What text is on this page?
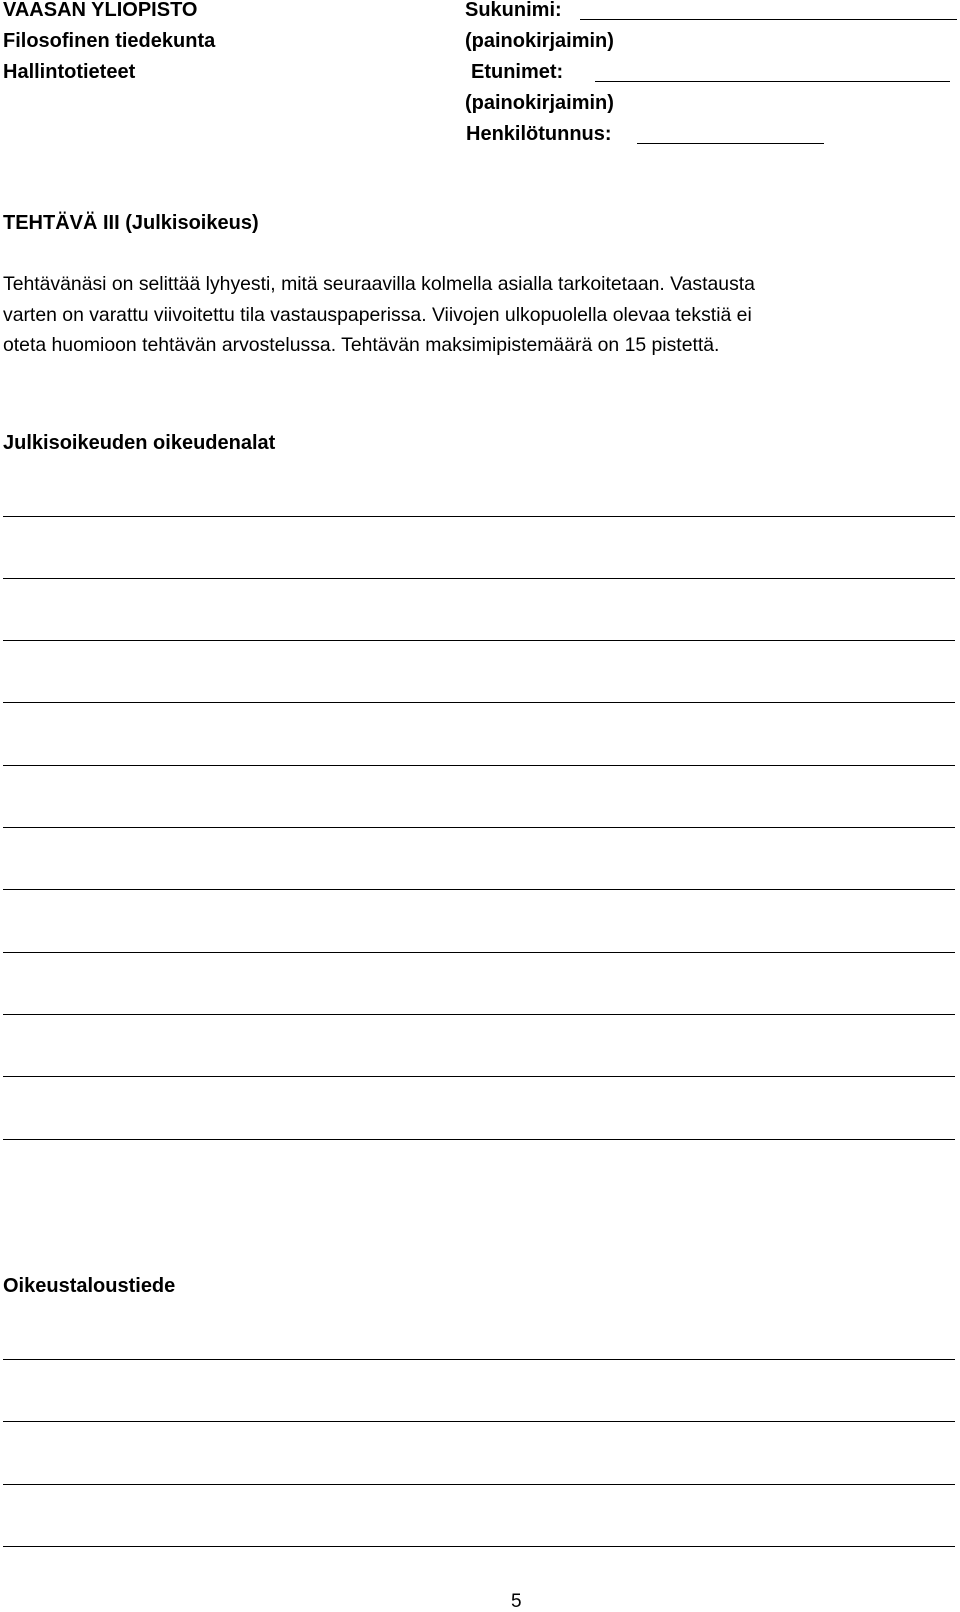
VAASAN YLIOPISTO
Filosofinen tiedekunta
Hallintotieteet
Sukunimi:
(painokirjaimin)
Etunimet:
(painokirjaimin)
Henkilötunnus:
TEHTÄVÄ III (Julkisoikeus)
Tehtävänäsi on selittää lyhyesti, mitä seuraavilla kolmella asialla tarkoitetaan. Vastausta
varten on varattu viivoitettu tila vastauspaperissa. Viivojen ulkopuolella olevaa tekstiä ei
oteta huomioon tehtävän arvostelussa. Tehtävän maksimipistemäärä on 15 pistettä.
Julkisoikeuden oikeudenalat
Oikeustaloustiede
5
